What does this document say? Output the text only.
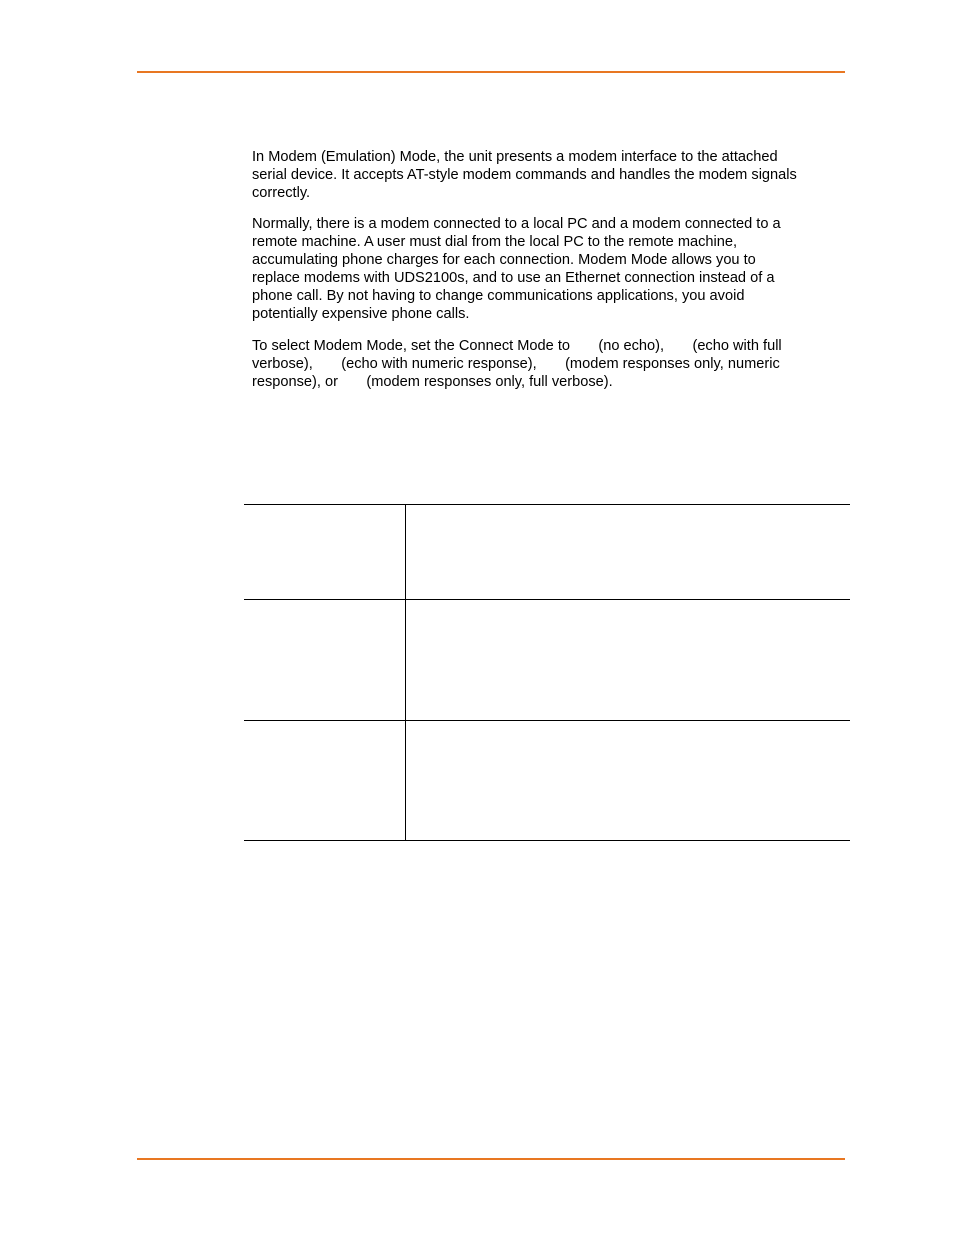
In Modem (Emulation) Mode, the unit presents a modem interface to the attached
serial device. It accepts AT-style modem commands and handles the modem signals
correctly.

Normally, there is a modem connected to a local PC and a modem connected to a
remote machine. A user must dial from the local PC to the remote machine,
accumulating phone charges for each connection. Modem Mode allows you to
replace modems with UDS2100s, and to use an Ethernet connection instead of a
phone call. By not having to change communications applications, you avoid
potentially expensive phone calls.

To select Modem Mode, set the Connect Mode to       (no echo),       (echo with full
verbose),       (echo with numeric response),       (modem responses only, numeric
response), or       (modem responses only, full verbose).
